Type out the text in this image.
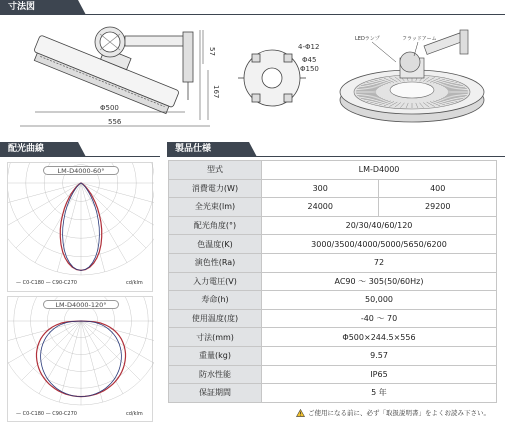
寸法図
配光曲線	製品仕様
Φ500
556
57
167
4-Φ12
Φ45
Φ150
LEDランプ	フラッドアーム
LM-D4000-60°
— C0-C180 — C90-C270	cd/klm
LM-D4000-120°
— C0-C180 — C90-C270	cd/klm
型式	LM-D4000	
消費電力(W)	300	400
全光束(lm)	24000	29200
配光角度(°)	20/30/40/60/120	
色温度(K)	3000/3500/4000/5000/5650/6200	
演色性(Ra)	72	
入力電圧(V)	AC90 ～ 305(50/60Hz)	
寿命(h)	50,000	
使用温度(度)	-40 ～ 70	
寸法(mm)	Φ500×244.5×556	
重量(kg)	9.57	
防水性能	IP65	
保証期間	5 年	
ご使用になる前に、必ず「取扱説明書」をよくお読み下さい。
